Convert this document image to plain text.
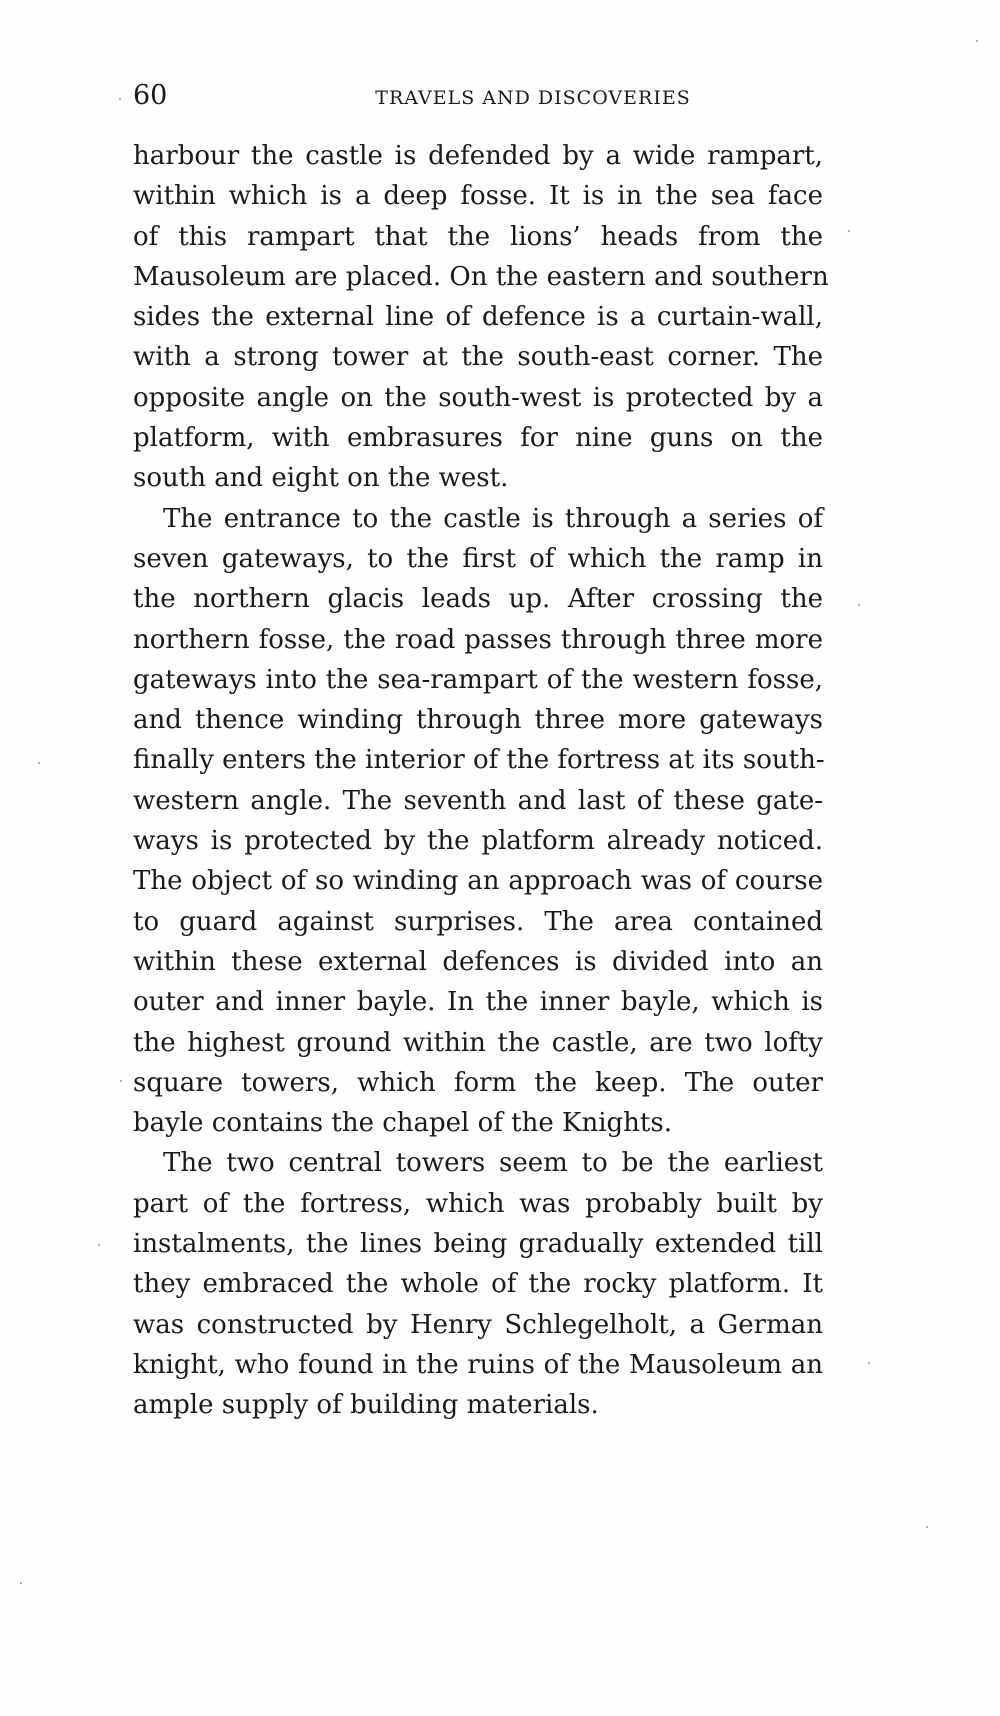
60	TRAVELS AND DISCOVERIES
harbour the castle is defended by a wide rampart,
within which is a deep fosse. It is in the sea face
of this rampart that the lions’ heads from the
Mausoleum are placed. On the eastern and southern
sides the external line of defence is a curtain-wall,
with a strong tower at the south-east corner. The
opposite angle on the south-west is protected by a
platform, with embrasures for nine guns on the
south and eight on the west.
The entrance to the castle is through a series of
seven gateways, to the first of which the ramp in
the northern glacis leads up. After crossing the
northern fosse, the road passes through three more
gateways into the sea-rampart of the western fosse,
and thence winding through three more gateways
finally enters the interior of the fortress at its south-
western angle. The seventh and last of these gate-
ways is protected by the platform already noticed.
The object of so winding an approach was of course
to guard against surprises. The area contained
within these external defences is divided into an
outer and inner bayle. In the inner bayle, which is
the highest ground within the castle, are two lofty
square towers, which form the keep. The outer
bayle contains the chapel of the Knights.
The two central towers seem to be the earliest
part of the fortress, which was probably built by
instalments, the lines being gradually extended till
they embraced the whole of the rocky platform. It
was constructed by Henry Schlegelholt, a German
knight, who found in the ruins of the Mausoleum an
ample supply of building materials.
